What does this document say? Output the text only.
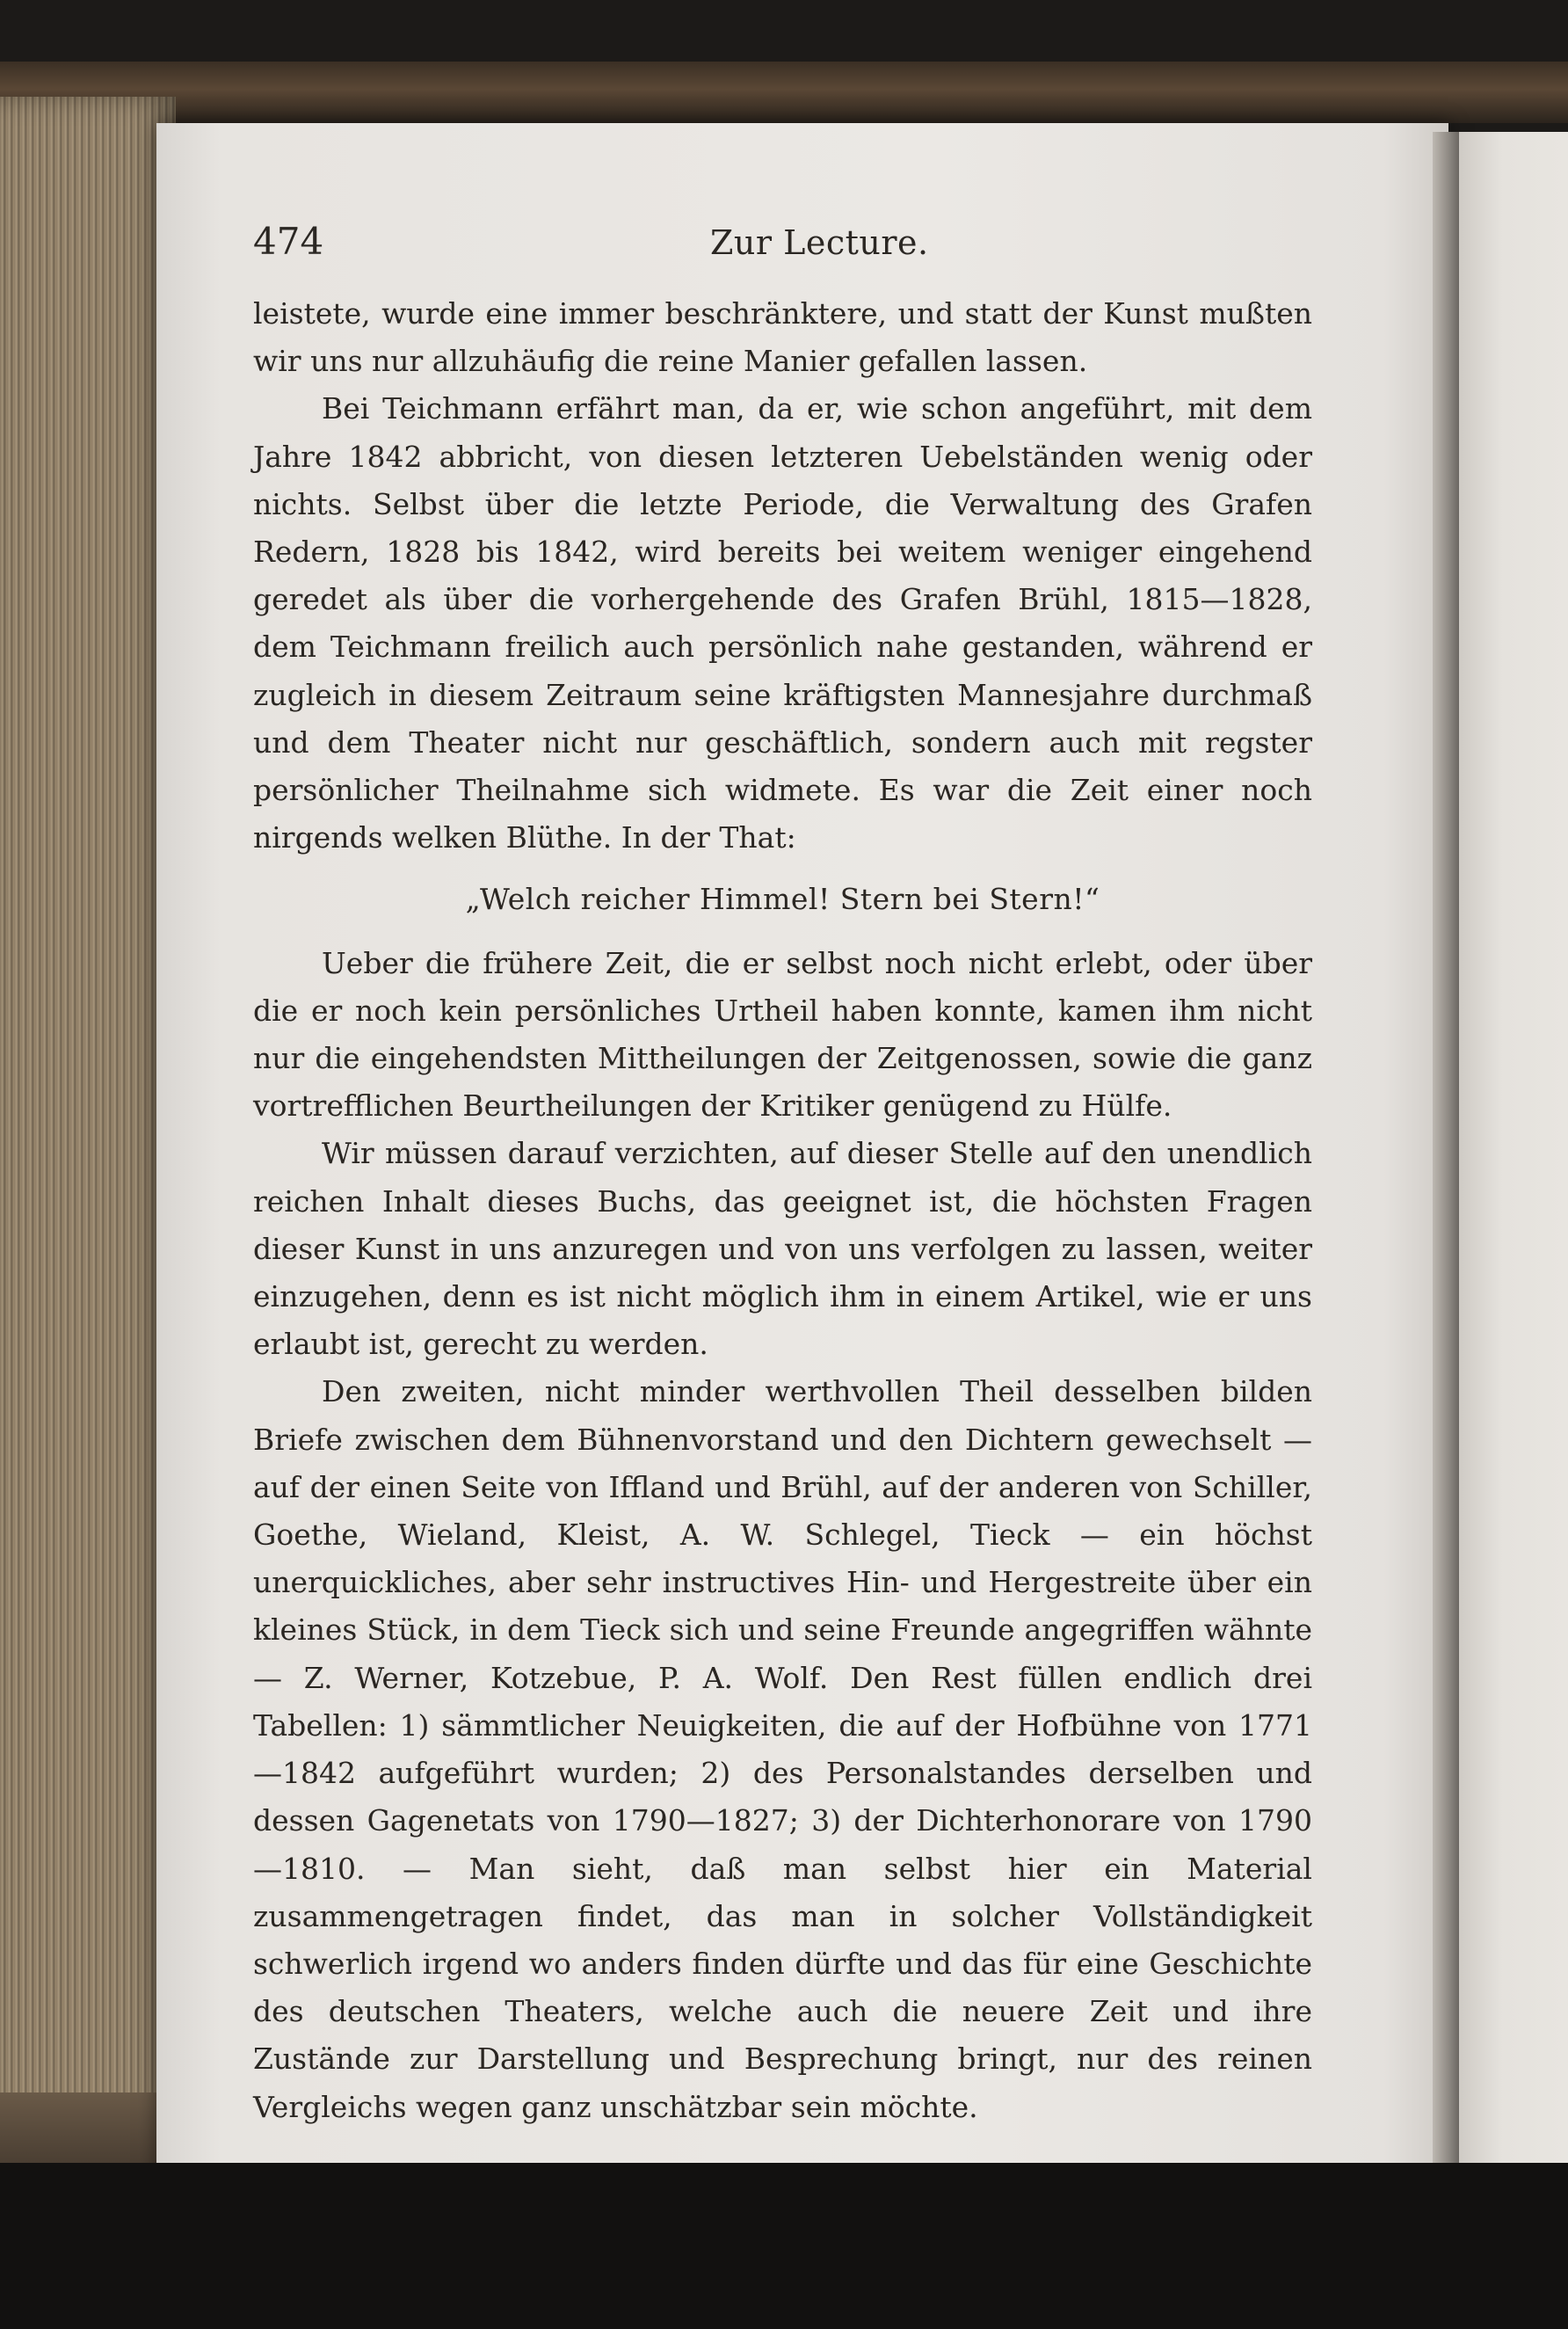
474	Zur Lecture.

leistete, wurde eine immer beschränktere, und statt der Kunst mußten wir uns nur allzuhäufig die reine Manier gefallen lassen.

Bei Teichmann erfährt man, da er, wie schon angeführt, mit dem Jahre 1842 abbricht, von diesen letzteren Uebelständen wenig oder nichts. Selbst über die letzte Periode, die Verwaltung des Grafen Redern, 1828 bis 1842, wird bereits bei weitem weniger eingehend geredet als über die vorhergehende des Grafen Brühl, 1815—1828, dem Teichmann freilich auch persönlich nahe gestanden, während er zugleich in diesem Zeitraum seine kräftigsten Mannesjahre durchmaß und dem Theater nicht nur geschäftlich, sondern auch mit regster persönlicher Theilnahme sich widmete. Es war die Zeit einer noch nirgends welken Blüthe. In der That:

„Welch reicher Himmel! Stern bei Stern!“

Ueber die frühere Zeit, die er selbst noch nicht erlebt, oder über die er noch kein persönliches Urtheil haben konnte, kamen ihm nicht nur die eingehendsten Mittheilungen der Zeitgenossen, sowie die ganz vortrefflichen Beurtheilungen der Kritiker genügend zu Hülfe.

Wir müssen darauf verzichten, auf dieser Stelle auf den unendlich reichen Inhalt dieses Buchs, das geeignet ist, die höchsten Fragen dieser Kunst in uns anzuregen und von uns verfolgen zu lassen, weiter einzugehen, denn es ist nicht möglich ihm in einem Artikel, wie er uns erlaubt ist, gerecht zu werden.

Den zweiten, nicht minder werthvollen Theil desselben bilden Briefe zwischen dem Bühnenvorstand und den Dichtern gewechselt — auf der einen Seite von Iffland und Brühl, auf der anderen von Schiller, Goethe, Wieland, Kleist, A. W. Schlegel, Tieck — ein höchst unerquickliches, aber sehr instructives Hin- und Hergestreite über ein kleines Stück, in dem Tieck sich und seine Freunde angegriffen wähnte — Z. Werner, Kotzebue, P. A. Wolf. Den Rest füllen endlich drei Tabellen: 1) sämmtlicher Neuigkeiten, die auf der Hofbühne von 1771—1842 aufgeführt wurden; 2) des Personalstandes derselben und dessen Gagenetats von 1790—1827; 3) der Dichterhonorare von 1790—1810. — Man sieht, daß man selbst hier ein Material zusammengetragen findet, das man in solcher Vollständigkeit schwerlich irgend wo anders finden dürfte und das für eine Geschichte des deutschen Theaters, welche auch die neuere Zeit und ihre Zustände zur Darstellung und Besprechung bringt, nur des reinen Vergleichs wegen ganz unschätzbar sein möchte.
